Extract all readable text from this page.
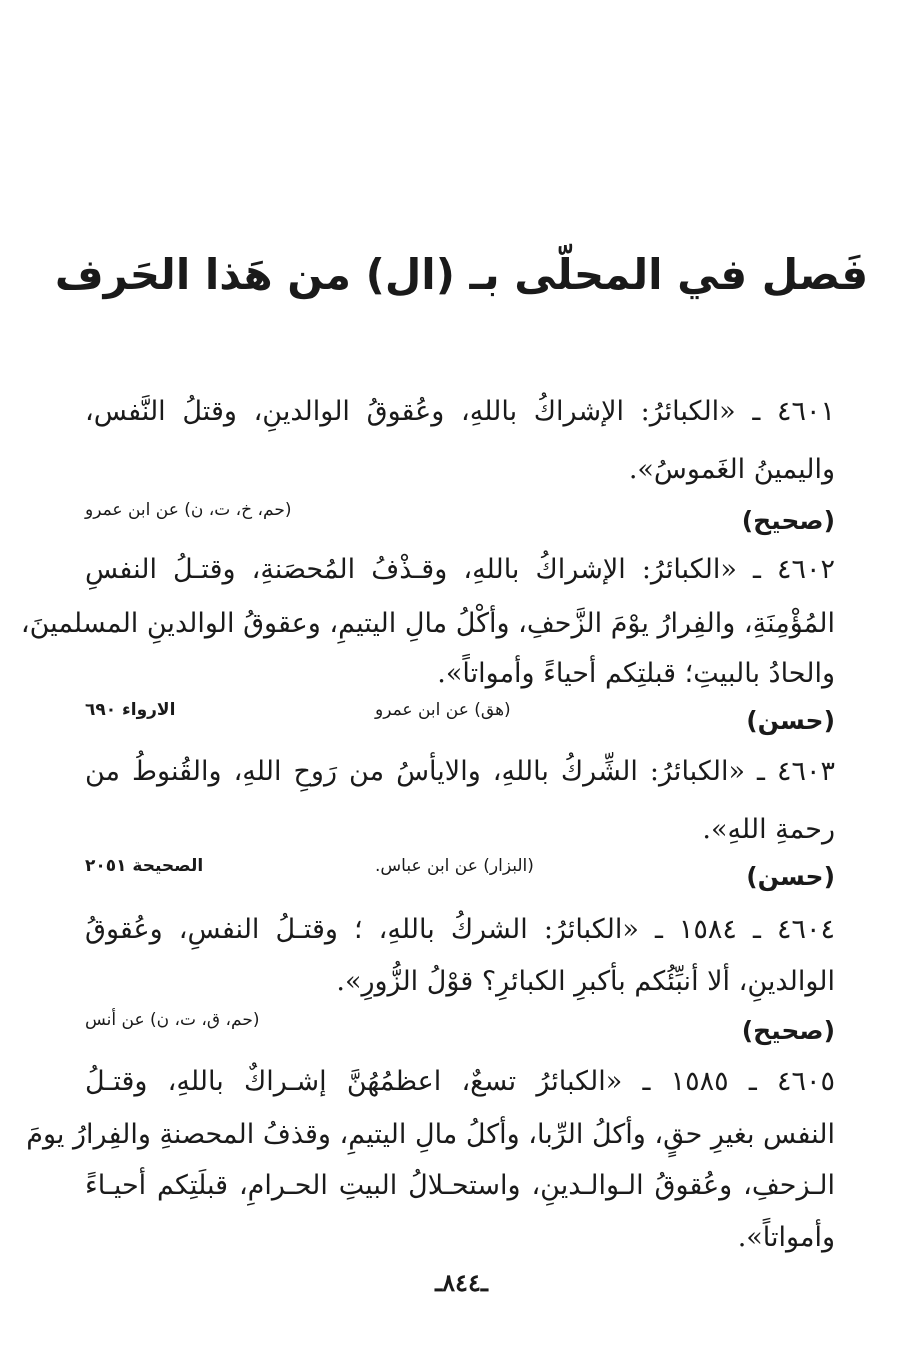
فَصل في المحلّى بـ (ال) من هَذا الحَرف
٤٦٠١ ـ «الكبائرُ: الإشراكُ باللهِ، وعُقوقُ الوالدينِ، وقتلُ النَّفس،
واليمينُ الغَموسُ».
(صحيح)
(حم، خ، ت، ن) عن ابن عمرو
٤٦٠٢ ـ «الكبائرُ: الإشراكُ باللهِ، وقـذْفُ المُحصَنةِ، وقتـلُ النفسِ
المُؤْمِنَةِ، والفِرارُ يوْمَ الزَّحفِ، وأكْلُ مالِ اليتيمِ، وعقوقُ الوالدينِ المسلمينَ،
والحادُ بالبيتِ؛ قبلتِكم أحياءً وأمواتاً».
(حسن)
(هق) عن ابن عمرو
الارواء ٦٩٠
٤٦٠٣ ـ «الكبائرُ: الشِّركُ باللهِ، والايأسُ من رَوحِ اللهِ، والقُنوطُ من
رحمةِ اللهِ».
(حسن)
(البزار) عن ابن عباس.
الصحيحة ٢٠٥١
٤٦٠٤ ـ ١٥٨٤ ـ «الكبائرُ: الشركُ باللهِ، ؛ وقتـلُ النفسِ، وعُقوقُ
الوالدينِ، ألا أنبِّئُكم بأكبرِ الكبائرِ؟ قوْلُ الزُّورِ».
(صحيح)
(حم، ق، ت، ن) عن أنس
٤٦٠٥ ـ ١٥٨٥ ـ «الكبائرُ تسعٌ، اعظمُهُنَّ إشـراكٌ باللهِ، وقتـلُ
النفس بغيرِ حقٍ، وأكلُ الرِّبا، وأكلُ مالِ اليتيمِ، وقذفُ المحصنةِ والفِرارُ يومَ
الـزحفِ، وعُقوقُ الـوالـدينِ، واستحـلالُ البيتِ الحـرامِ، قبلَتِكم أحيـاءً
وأمواتاً».
ـ٨٤٤ـ
